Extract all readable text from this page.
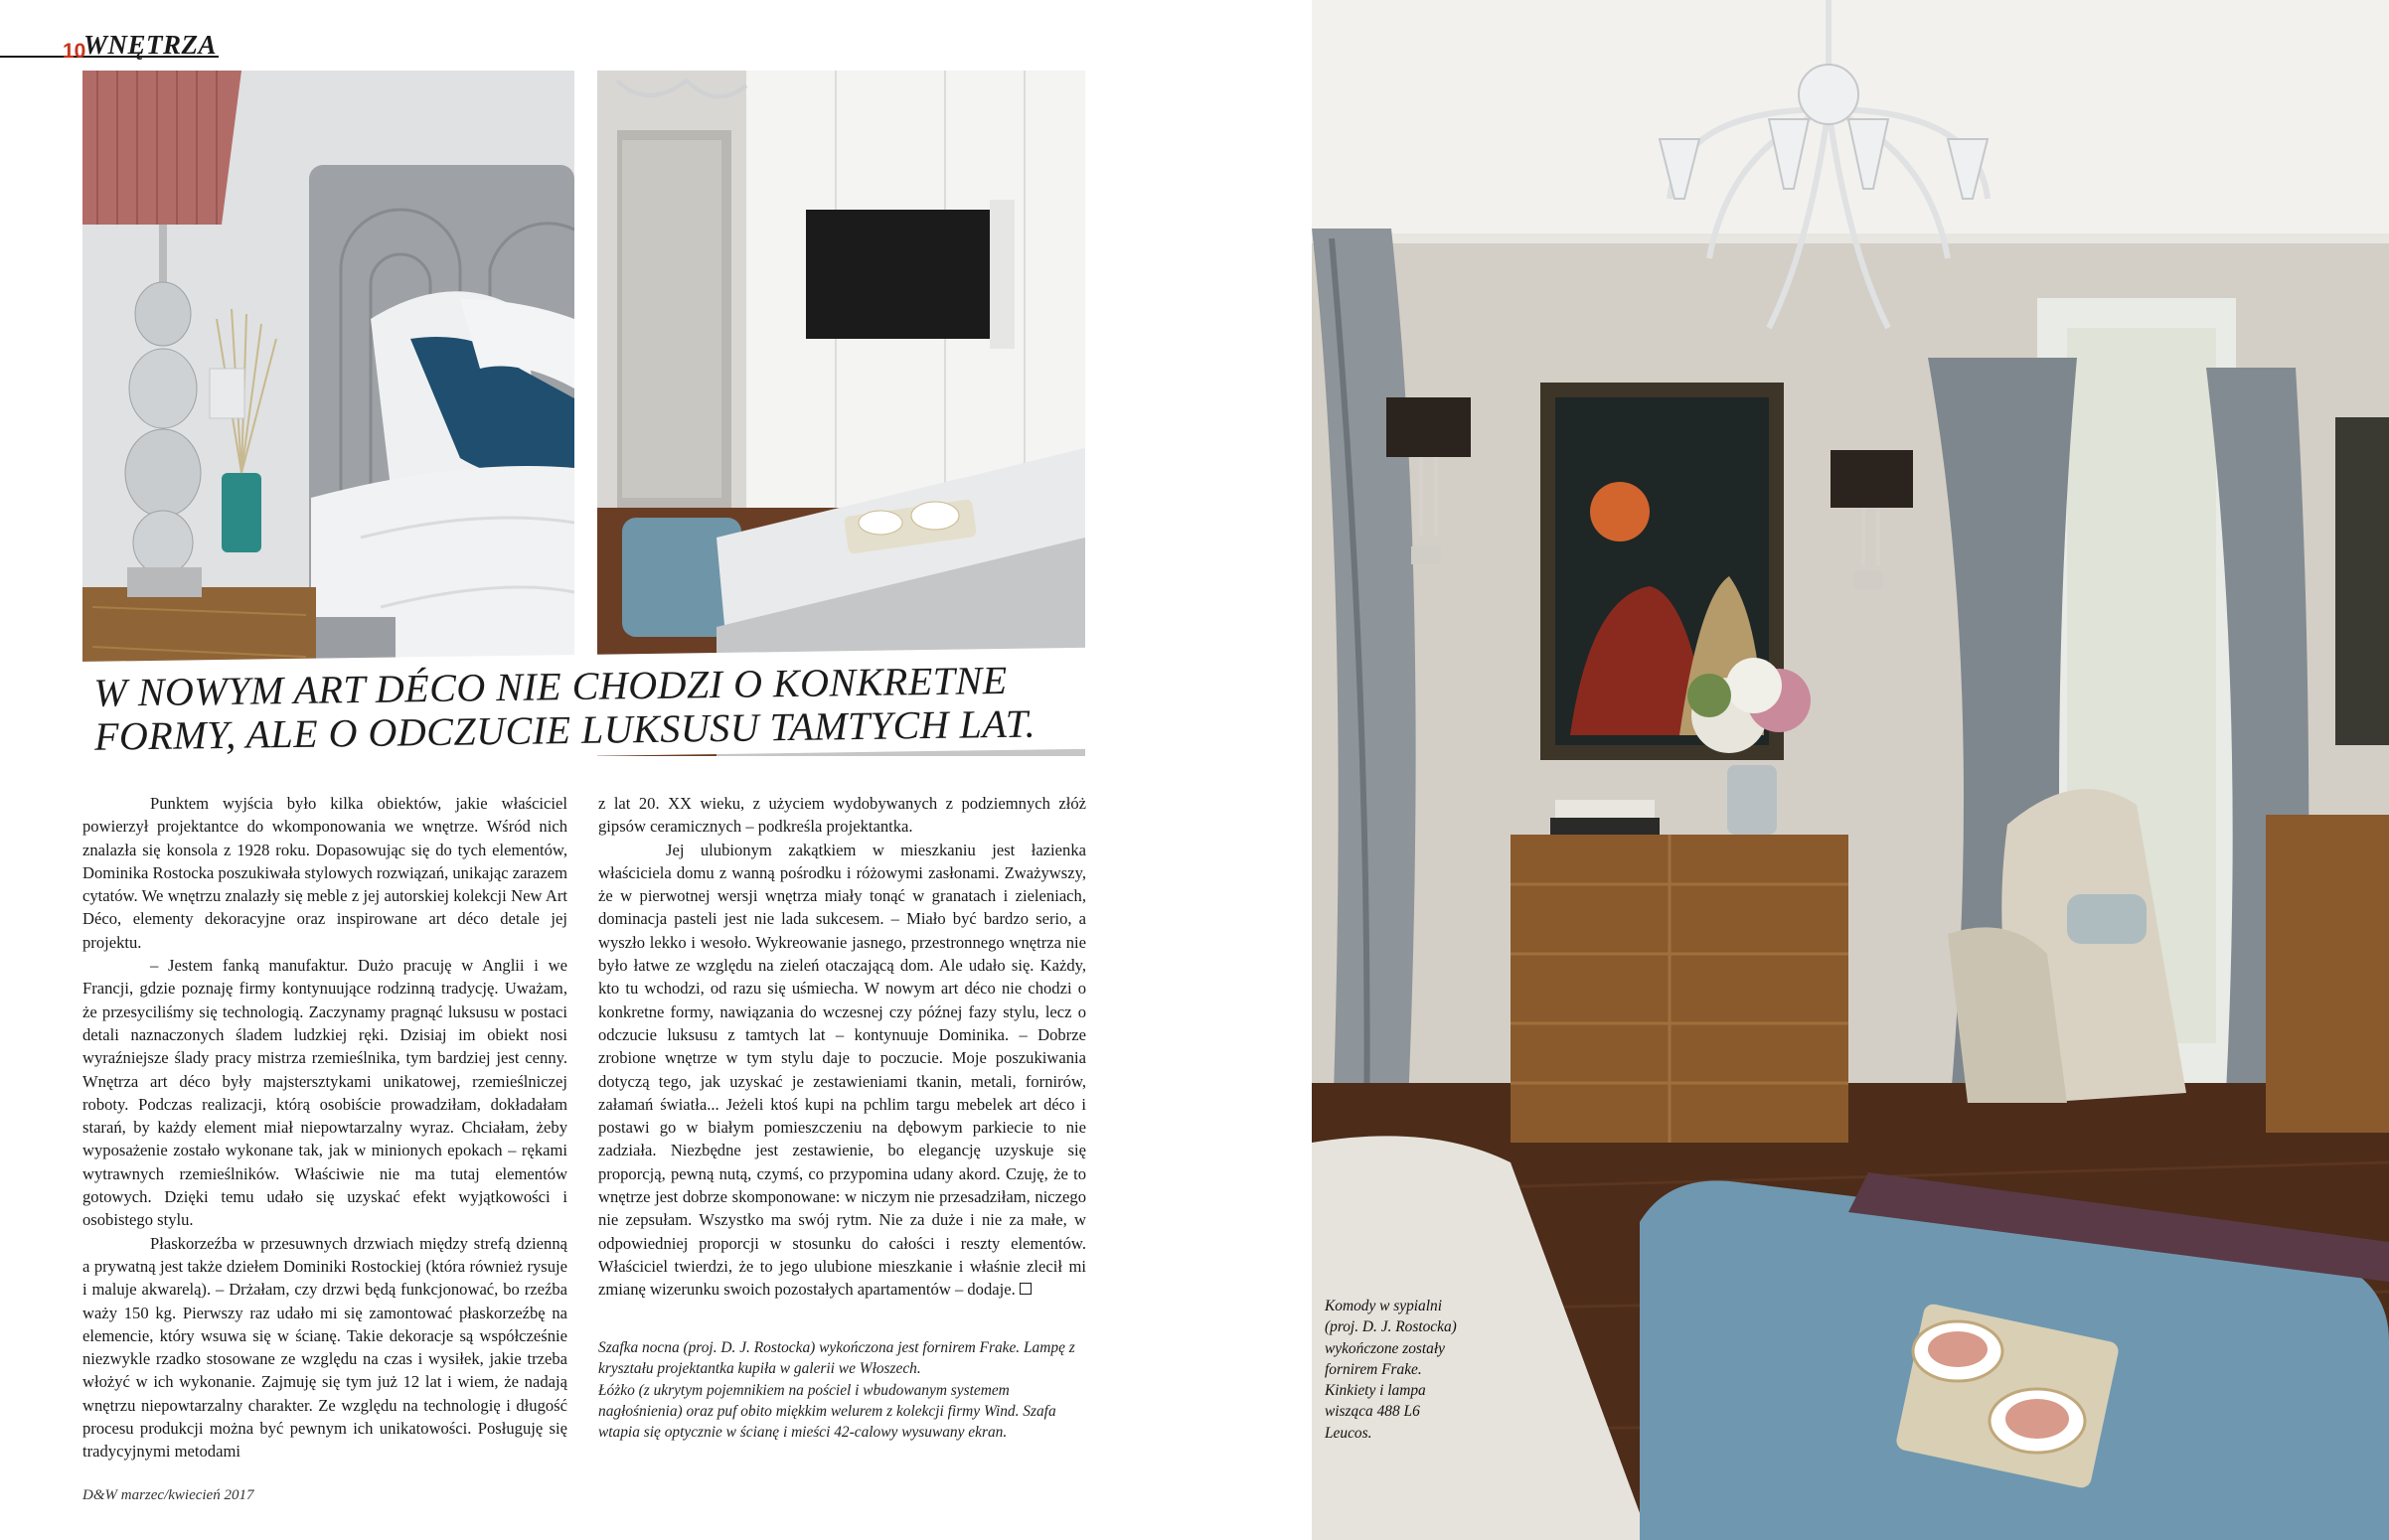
10
WNĘTRZA
W NOWYM ART DÉCO NIE CHODZI O KONKRETNE
FORMY, ALE O ODCZUCIE LUKSUSU TAMTYCH LAT.

Punktem wyjścia było kilka obiektów, jakie właściciel powierzył projektantce do wkomponowania we wnętrze. Wśród nich znalazła się konsola z 1928 roku. Dopasowując się do tych elementów, Dominika Rostocka poszukiwała stylowych rozwiązań, unikając zarazem cytatów. We wnętrzu znalazły się meble z jej autorskiej kolekcji New Art Déco, elementy dekoracyjne oraz inspirowane art déco detale jej projektu.

– Jestem fanką manufaktur. Dużo pracuję w Anglii i we Francji, gdzie poznaję firmy kontynuujące rodzinną tradycję. Uważam, że przesyciliśmy się technologią. Zaczynamy pragnąć luksusu w postaci detali naznaczonych śladem ludzkiej ręki. Dzisiaj im obiekt nosi wyraźniejsze ślady pracy mistrza rzemieślnika, tym bardziej jest cenny. Wnętrza art déco były majstersztykami unikatowej, rzemieślniczej roboty. Podczas realizacji, którą osobiście prowadziłam, dokładałam starań, by każdy element miał niepowtarzalny wyraz. Chciałam, żeby wyposażenie zostało wykonane tak, jak w minionych epokach – rękami wytrawnych rzemieślników. Właściwie nie ma tutaj elementów gotowych. Dzięki temu udało się uzyskać efekt wyjątkowości i osobistego stylu.

Płaskorzeźba w przesuwnych drzwiach między strefą dzienną a prywatną jest także dziełem Dominiki Rostockiej (która również rysuje i maluje akwarelą). – Drżałam, czy drzwi będą funkcjonować, bo rzeźba waży 150 kg. Pierwszy raz udało mi się zamontować płaskorzeźbę na elemencie, który wsuwa się w ścianę. Takie dekoracje są współcześnie niezwykle rzadko stosowane ze względu na czas i wysiłek, jakie trzeba włożyć w ich wykonanie. Zajmuję się tym już 12 lat i wiem, że nadają wnętrzu niepowtarzalny charakter. Ze względu na technologię i długość procesu produkcji można być pewnym ich unikatowości. Posługuję się tradycyjnymi metodami

z lat 20. XX wieku, z użyciem wydobywanych z podziemnych złóż gipsów ceramicznych – podkreśla projektantka.

Jej ulubionym zakątkiem w mieszkaniu jest łazienka właściciela domu z wanną pośrodku i różowymi zasłonami. Zważywszy, że w pierwotnej wersji wnętrza miały tonąć w granatach i zieleniach, dominacja pasteli jest nie lada sukcesem. – Miało być bardzo serio, a wyszło lekko i wesoło. Wykreowanie jasnego, przestronnego wnętrza nie było łatwe ze względu na zieleń otaczającą dom. Ale udało się. Każdy, kto tu wchodzi, od razu się uśmiecha. W nowym art déco nie chodzi o konkretne formy, nawiązania do wczesnej czy późnej fazy stylu, lecz o odczucie luksusu z tamtych lat – kontynuuje Dominika. – Dobrze zrobione wnętrze w tym stylu daje to poczucie. Moje poszukiwania dotyczą tego, jak uzyskać je zestawieniami tkanin, metali, fornirów, załamań światła... Jeżeli ktoś kupi na pchlim targu mebelek art déco i postawi go w białym pomieszczeniu na dębowym parkiecie to nie zadziała. Niezbędne jest zestawienie, bo elegancję uzyskuje się proporcją, pewną nutą, czymś, co przypomina udany akord. Czuję, że to wnętrze jest dobrze skomponowane: w niczym nie przesadziłam, niczego nie zepsułam. Wszystko ma swój rytm. Nie za duże i nie za małe, w odpowiedniej proporcji w stosunku do całości i reszty elementów. Właściciel twierdzi, że to jego ulubione mieszkanie i właśnie zlecił mi zmianę wizerunku swoich pozostałych apartamentów – dodaje.

Szafka nocna (proj. D. J. Rostocka) wykończona jest fornirem Frake. Lampę z kryształu projektantka kupiła w galerii we Włoszech.

Łóżko (z ukrytym pojemnikiem na pościel i wbudowanym systemem nagłośnienia) oraz puf obito miękkim welurem z kolekcji firmy Wind. Szafa wtapia się optycznie w ścianę i mieści 42-calowy wysuwany ekran.

D&W marzec/kwiecień 2017
Komody w sypialni (proj. D. J. Rostocka) wykończone zostały fornirem Frake. Kinkiety i lampa wisząca 488 L6 Leucos.
